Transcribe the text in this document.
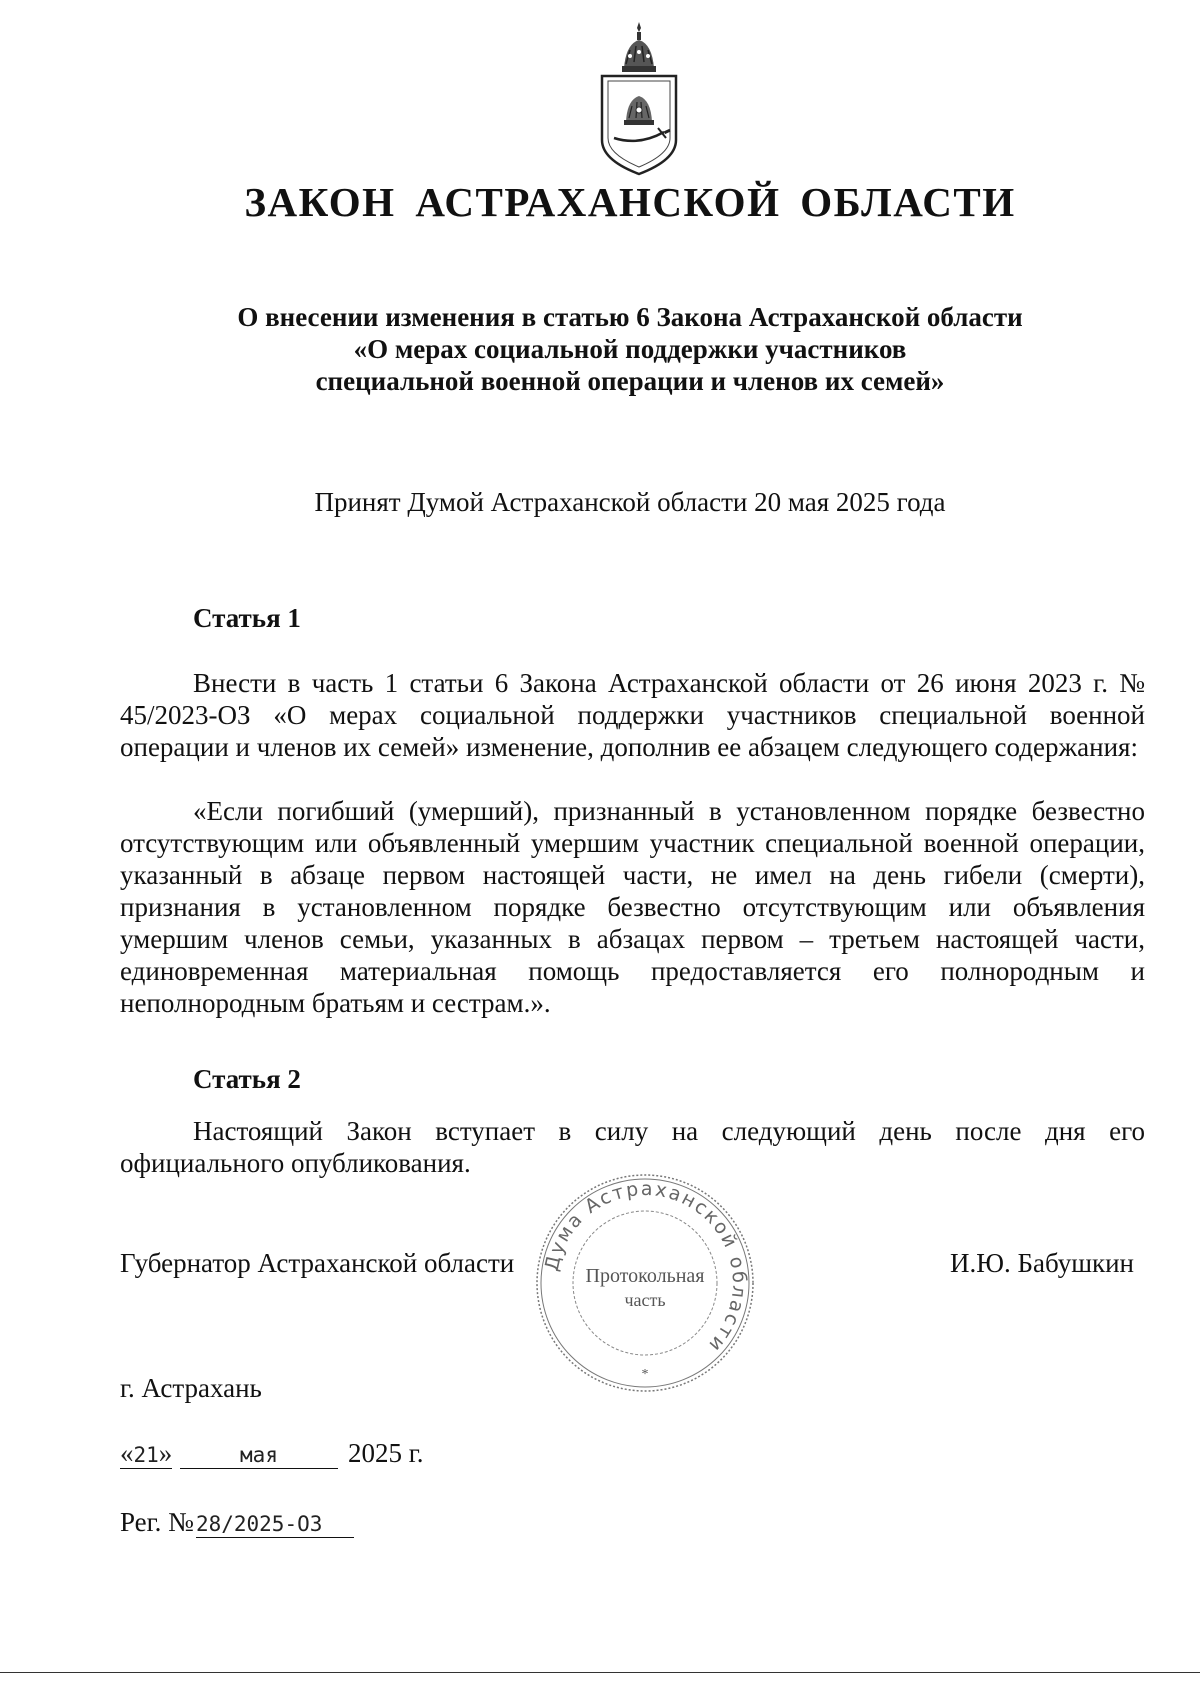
ЗАКОН АСТРАХАНСКОЙ ОБЛАСТИ
О внесении изменения в статью 6 Закона Астраханской области
«О мерах социальной поддержки участников
специальной военной операции и членов их семей»
Принят Думой Астраханской области 20 мая 2025 года
Статья 1

Внести в часть 1 статьи 6 Закона Астраханской области от 26 июня 2023 г. № 45/2023-ОЗ «О мерах социальной поддержки участников специальной военной операции и членов их семей» изменение, дополнив ее абзацем следующего содержания:

«Если погибший (умерший), признанный в установленном порядке безвестно отсутствующим или объявленный умершим участник специальной военной операции, указанный в абзаце первом настоящей части, не имел на день гибели (смерти), признания в установленном порядке безвестно отсутствующим или объявления умершим членов семьи, указанных в абзацах первом – третьем настоящей части, единовременная материальная помощь предоставляется его полнородным и неполнородным братьям и сестрам.».

Статья 2

Настоящий Закон вступает в силу на следующий день после дня его официального опубликования.

Губернатор Астраханской области	И.Ю. Бабушкин
Дума Астраханской области
Протокольная
часть
*
г. Астрахань
«21»	мая	2025 г.
Рег. №28/2025-ОЗ
